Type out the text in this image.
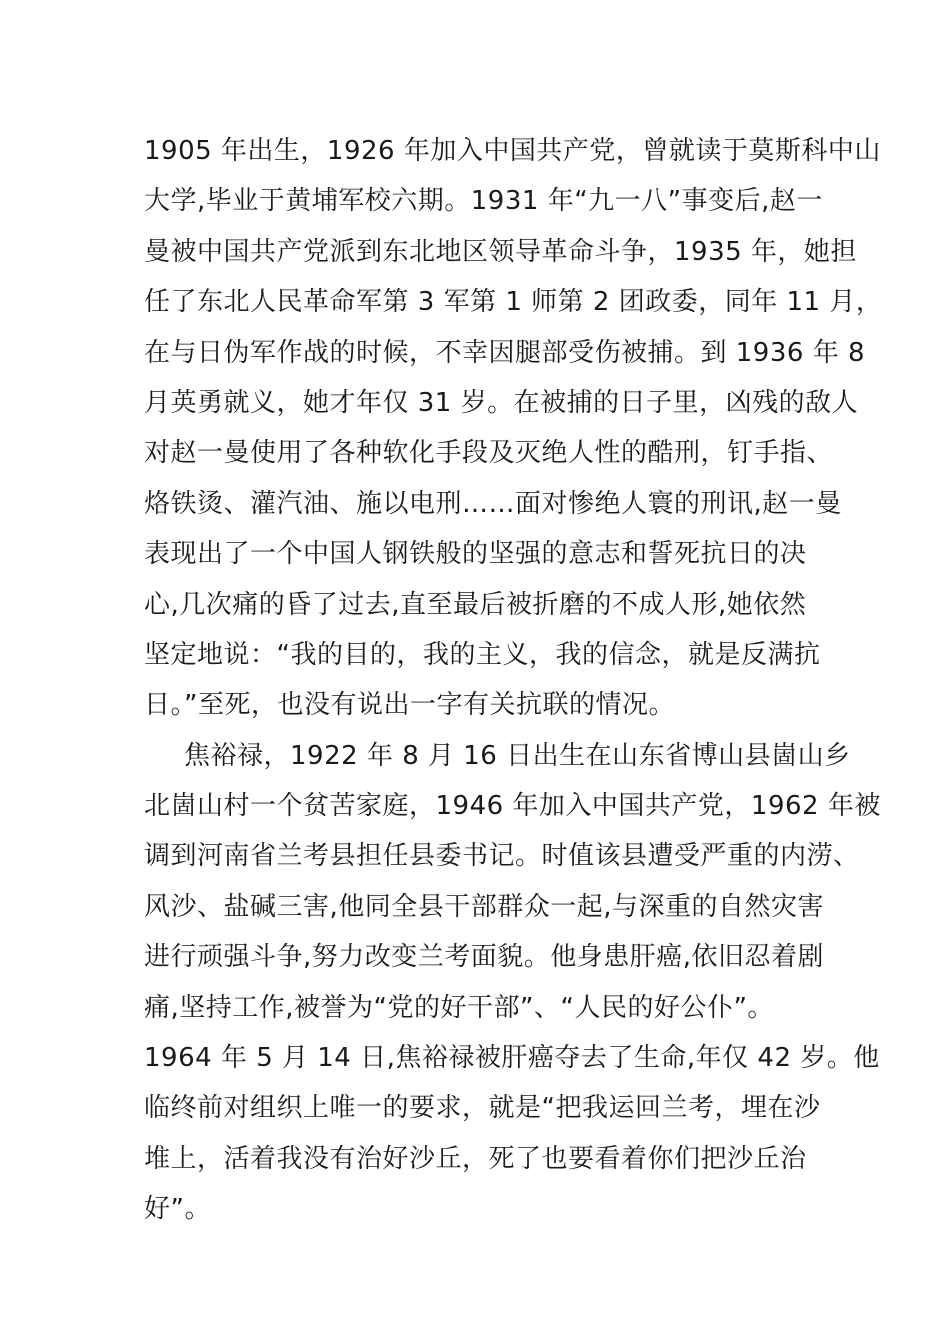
1905 年出生，1926 年加入中国共产党，曾就读于莫斯科中山
大学,毕业于黄埔军校六期。1931 年“九一八”事变后,赵一
曼被中国共产党派到东北地区领导革命斗争，1935 年，她担
任了东北人民革命军第 3 军第 1 师第 2 团政委，同年 11 月，
在与日伪军作战的时候，不幸因腿部受伤被捕。到 1936 年 8
月英勇就义，她才年仅 31 岁。在被捕的日子里，凶残的敌人
对赵一曼使用了各种软化手段及灭绝人性的酷刑，钉手指、
烙铁烫、灌汽油、施以电刑……面对惨绝人寰的刑讯,赵一曼
表现出了一个中国人钢铁般的坚强的意志和誓死抗日的决
心,几次痛的昏了过去,直至最后被折磨的不成人形,她依然
坚定地说：“我的目的，我的主义，我的信念，就是反满抗
日。”至死，也没有说出一字有关抗联的情况。
焦裕禄，1922 年 8 月 16 日出生在山东省博山县崮山乡
北崮山村一个贫苦家庭，1946 年加入中国共产党，1962 年被
调到河南省兰考县担任县委书记。时值该县遭受严重的内涝、
风沙、盐碱三害,他同全县干部群众一起,与深重的自然灾害
进行顽强斗争,努力改变兰考面貌。他身患肝癌,依旧忍着剧
痛,坚持工作,被誉为“党的好干部”、“人民的好公仆”。
1964 年 5 月 14 日,焦裕禄被肝癌夺去了生命,年仅 42 岁。他
临终前对组织上唯一的要求，就是“把我运回兰考，埋在沙
堆上，活着我没有治好沙丘，死了也要看着你们把沙丘治
好”。
